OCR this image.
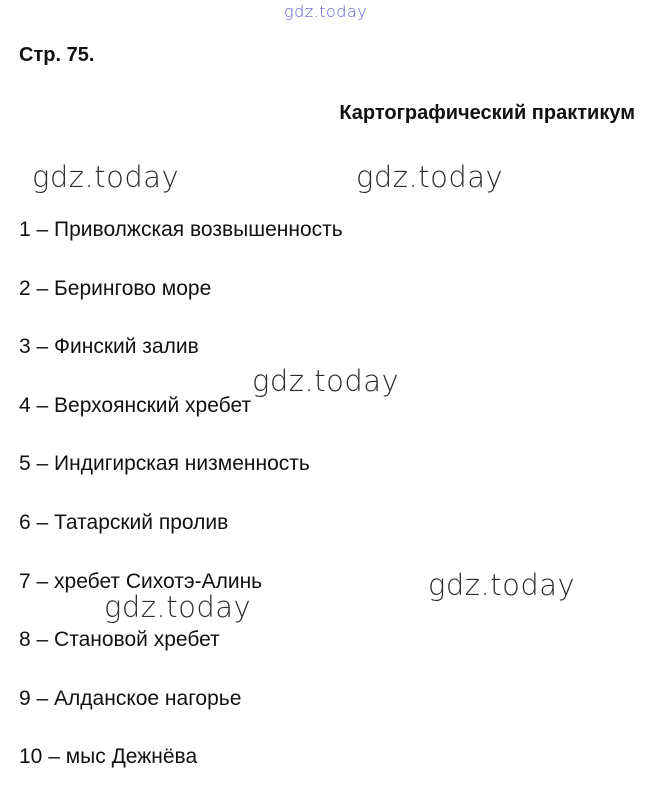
gdz.today
Стр. 75.
Картографический практикум
gdz.today	gdz.today
1 – Приволжская возвышенность
2 – Берингово море
3 – Финский залив
4 – Верхоянский хребет
5 – Индигирская низменность
6 – Татарский пролив
7 – хребет Сихотэ-Алинь
8 – Становой хребет
9 – Алданское нагорье
10 – мыс Дежнёва
gdz.today
gdz.today
gdz.today
